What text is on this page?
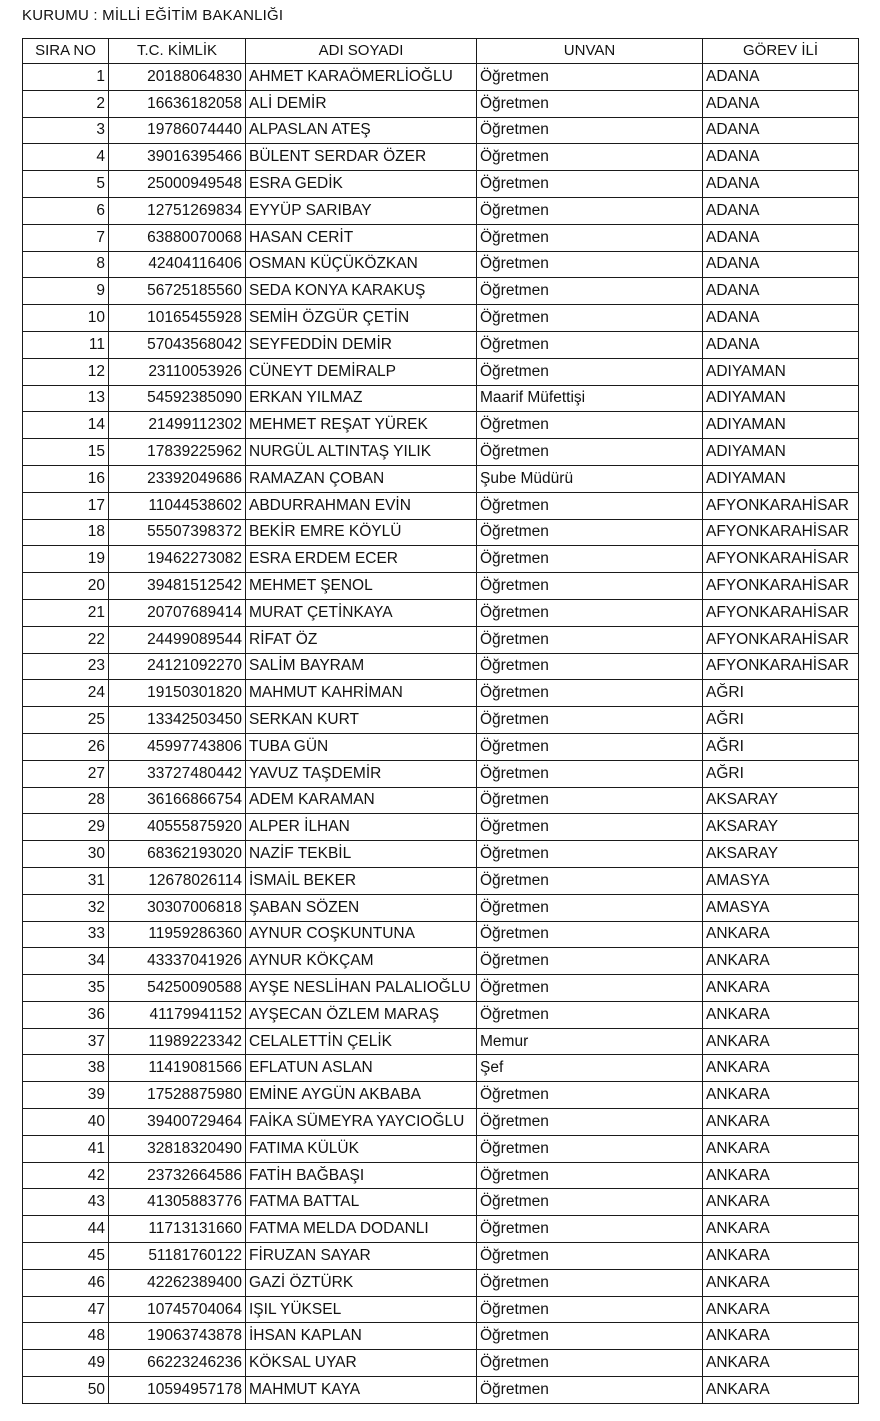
KURUMU : MİLLİ EĞİTİM BAKANLIĞI
SIRA NO	T.C. KİMLİK	ADI SOYADI	UNVAN	GÖREV İLİ
1	20188064830	AHMET KARAÖMERLİOĞLU	Öğretmen	ADANA
2	16636182058	ALİ DEMİR	Öğretmen	ADANA
3	19786074440	ALPASLAN ATEŞ	Öğretmen	ADANA
4	39016395466	BÜLENT SERDAR ÖZER	Öğretmen	ADANA
5	25000949548	ESRA GEDİK	Öğretmen	ADANA
6	12751269834	EYYÜP SARIBAY	Öğretmen	ADANA
7	63880070068	HASAN CERİT	Öğretmen	ADANA
8	42404116406	OSMAN KÜÇÜKÖZKAN	Öğretmen	ADANA
9	56725185560	SEDA KONYA KARAKUŞ	Öğretmen	ADANA
10	10165455928	SEMİH ÖZGÜR ÇETİN	Öğretmen	ADANA
11	57043568042	SEYFEDDİN DEMİR	Öğretmen	ADANA
12	23110053926	CÜNEYT DEMİRALP	Öğretmen	ADIYAMAN
13	54592385090	ERKAN YILMAZ	Maarif Müfettişi	ADIYAMAN
14	21499112302	MEHMET REŞAT YÜREK	Öğretmen	ADIYAMAN
15	17839225962	NURGÜL ALTINTAŞ YILIK	Öğretmen	ADIYAMAN
16	23392049686	RAMAZAN ÇOBAN	Şube Müdürü	ADIYAMAN
17	11044538602	ABDURRAHMAN EVİN	Öğretmen	AFYONKARAHİSAR
18	55507398372	BEKİR EMRE KÖYLÜ	Öğretmen	AFYONKARAHİSAR
19	19462273082	ESRA ERDEM ECER	Öğretmen	AFYONKARAHİSAR
20	39481512542	MEHMET ŞENOL	Öğretmen	AFYONKARAHİSAR
21	20707689414	MURAT ÇETİNKAYA	Öğretmen	AFYONKARAHİSAR
22	24499089544	RİFAT ÖZ	Öğretmen	AFYONKARAHİSAR
23	24121092270	SALİM BAYRAM	Öğretmen	AFYONKARAHİSAR
24	19150301820	MAHMUT KAHRİMAN	Öğretmen	AĞRI
25	13342503450	SERKAN KURT	Öğretmen	AĞRI
26	45997743806	TUBA GÜN	Öğretmen	AĞRI
27	33727480442	YAVUZ TAŞDEMİR	Öğretmen	AĞRI
28	36166866754	ADEM KARAMAN	Öğretmen	AKSARAY
29	40555875920	ALPER İLHAN	Öğretmen	AKSARAY
30	68362193020	NAZİF TEKBİL	Öğretmen	AKSARAY
31	12678026114	İSMAİL BEKER	Öğretmen	AMASYA
32	30307006818	ŞABAN SÖZEN	Öğretmen	AMASYA
33	11959286360	AYNUR COŞKUNTUNA	Öğretmen	ANKARA
34	43337041926	AYNUR KÖKÇAM	Öğretmen	ANKARA
35	54250090588	AYŞE NESLİHAN PALALIOĞLU	Öğretmen	ANKARA
36	41179941152	AYŞECAN ÖZLEM MARAŞ	Öğretmen	ANKARA
37	11989223342	CELALETTİN ÇELİK	Memur	ANKARA
38	11419081566	EFLATUN ASLAN	Şef	ANKARA
39	17528875980	EMİNE AYGÜN AKBABA	Öğretmen	ANKARA
40	39400729464	FAİKA SÜMEYRA YAYCIOĞLU	Öğretmen	ANKARA
41	32818320490	FATIMA KÜLÜK	Öğretmen	ANKARA
42	23732664586	FATİH BAĞBAŞI	Öğretmen	ANKARA
43	41305883776	FATMA BATTAL	Öğretmen	ANKARA
44	11713131660	FATMA MELDA DODANLI	Öğretmen	ANKARA
45	51181760122	FİRUZAN SAYAR	Öğretmen	ANKARA
46	42262389400	GAZİ ÖZTÜRK	Öğretmen	ANKARA
47	10745704064	IŞIL YÜKSEL	Öğretmen	ANKARA
48	19063743878	İHSAN KAPLAN	Öğretmen	ANKARA
49	66223246236	KÖKSAL UYAR	Öğretmen	ANKARA
50	10594957178	MAHMUT KAYA	Öğretmen	ANKARA
